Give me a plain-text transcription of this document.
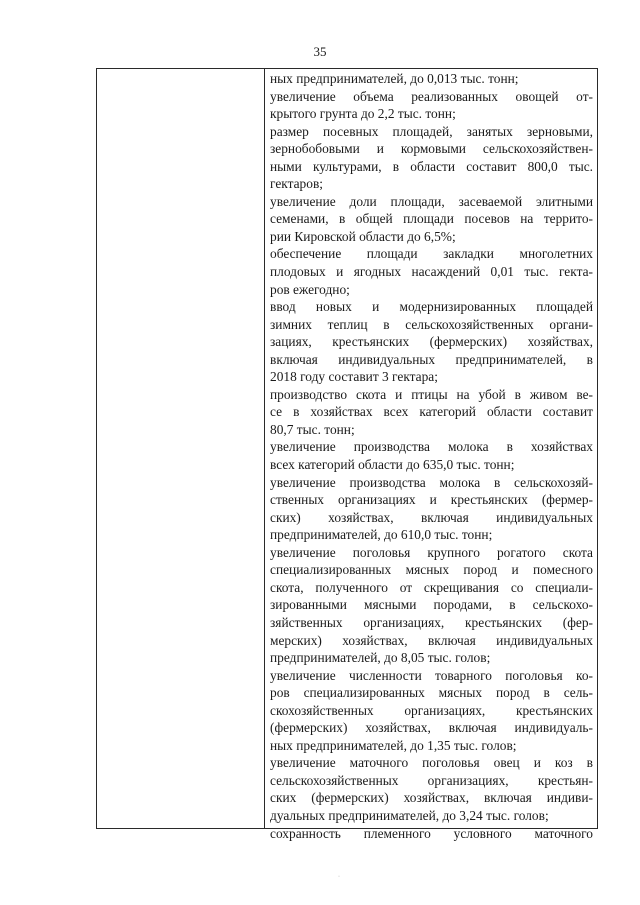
35
ных предпринимателей, до 0,013 тыс. тонн;
увеличение объема реализованных овощей от-
крытого грунта до 2,2 тыс. тонн;
размер посевных площадей, занятых зерновыми,
зернобобовыми и кормовыми сельскохозяйствен-
ными культурами, в области составит 800,0 тыс.
гектаров;
увеличение доли площади, засеваемой элитными
семенами, в общей площади посевов на террито-
рии Кировской области до 6,5%;
обеспечение площади закладки многолетних
плодовых и ягодных насаждений 0,01 тыс. гекта-
ров ежегодно;
ввод новых и модернизированных площадей
зимних теплиц в сельскохозяйственных органи-
зациях, крестьянских (фермерских) хозяйствах,
включая индивидуальных предпринимателей, в
2018 году составит 3 гектара;
производство скота и птицы на убой в живом ве-
се в хозяйствах всех категорий области составит
80,7 тыс. тонн;
увеличение производства молока в хозяйствах
всех категорий области до 635,0 тыс. тонн;
увеличение производства молока в сельскохозяй-
ственных организациях и крестьянских (фермер-
ских) хозяйствах, включая индивидуальных
предпринимателей, до 610,0 тыс. тонн;
увеличение поголовья крупного рогатого скота
специализированных мясных пород и помесного
скота, полученного от скрещивания со специали-
зированными мясными породами, в сельскохо-
зяйственных организациях, крестьянских (фер-
мерских) хозяйствах, включая индивидуальных
предпринимателей, до 8,05 тыс. голов;
увеличение численности товарного поголовья ко-
ров специализированных мясных пород в сель-
скохозяйственных организациях, крестьянских
(фермерских) хозяйствах, включая индивидуаль-
ных предпринимателей, до 1,35 тыс. голов;
увеличение маточного поголовья овец и коз в
сельскохозяйственных организациях, крестьян-
ских (фермерских) хозяйствах, включая индиви-
дуальных предпринимателей, до 3,24 тыс. голов;
сохранность племенного условного маточного
·
